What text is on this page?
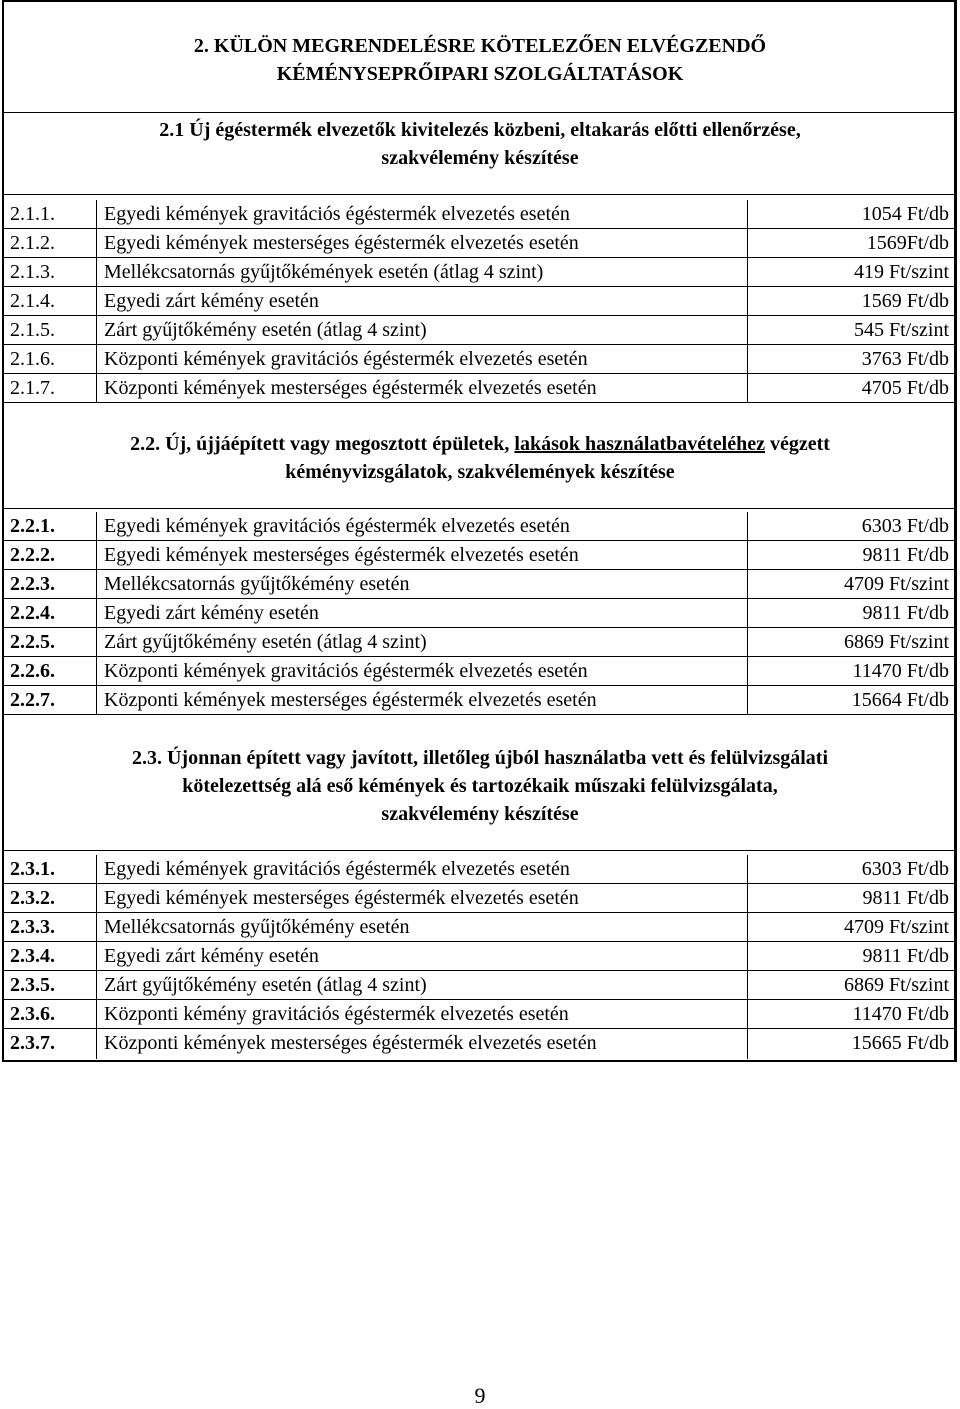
2. KÜLÖN MEGRENDELÉSRE KÖTELEZŐEN ELVÉGZENDŐ
KÉMÉNYSEPRŐIPARI SZOLGÁLTATÁSOK
2.1 Új égéstermék elvezetők kivitelezés közbeni, eltakarás előtti ellenőrzése,
szakvélemény készítése
2.1.1. Egyedi kémények gravitációs égéstermék elvezetés esetén	1054 Ft/db
2.1.2. Egyedi kémények mesterséges égéstermék elvezetés esetén	1569Ft/db
2.1.3. Mellékcsatornás gyűjtőkémények esetén (átlag 4 szint)	419 Ft/szint
2.1.4. Egyedi zárt kémény esetén	1569 Ft/db
2.1.5. Zárt gyűjtőkémény esetén (átlag 4 szint)	545 Ft/szint
2.1.6. Központi kémények gravitációs égéstermék elvezetés esetén	3763 Ft/db
2.1.7. Központi kémények mesterséges égéstermék elvezetés esetén	4705 Ft/db
2.2. Új, újjáépített vagy megosztott épületek, lakások használatbavételéhez végzett
kéményvizsgálatok, szakvélemények készítése
2.2.1. Egyedi kémények gravitációs égéstermék elvezetés esetén	6303 Ft/db
2.2.2. Egyedi kémények mesterséges égéstermék elvezetés esetén	9811 Ft/db
2.2.3. Mellékcsatornás gyűjtőkémény esetén	4709 Ft/szint
2.2.4. Egyedi zárt kémény esetén	9811 Ft/db
2.2.5. Zárt gyűjtőkémény esetén (átlag 4 szint)	6869 Ft/szint
2.2.6. Központi kémények gravitációs égéstermék elvezetés esetén	11470 Ft/db
2.2.7. Központi kémények mesterséges égéstermék elvezetés esetén	15664 Ft/db
2.3. Újonnan épített vagy javított, illetőleg újból használatba vett és felülvizsgálati
kötelezettség alá eső kémények és tartozékaik műszaki felülvizsgálata,
szakvélemény készítése
2.3.1. Egyedi kémények gravitációs égéstermék elvezetés esetén	6303 Ft/db
2.3.2. Egyedi kémények mesterséges égéstermék elvezetés esetén	9811 Ft/db
2.3.3. Mellékcsatornás gyűjtőkémény esetén	4709 Ft/szint
2.3.4. Egyedi zárt kémény esetén	9811 Ft/db
2.3.5. Zárt gyűjtőkémény esetén (átlag 4 szint)	6869 Ft/szint
2.3.6. Központi kémény gravitációs égéstermék elvezetés esetén	11470 Ft/db
2.3.7. Központi kémények mesterséges égéstermék elvezetés esetén	15665 Ft/db
9
